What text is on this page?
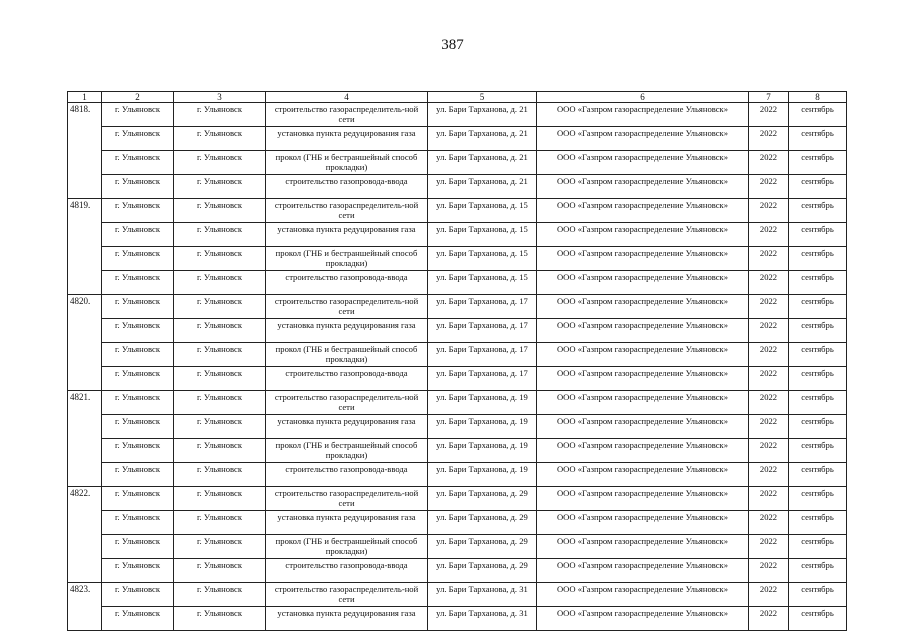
387
1	2	3	4	5	6	7	8
4818.	г. Ульяновск	г. Ульяновск	строительство газораспределитель-ной сети	ул. Бари Тарханова, д. 21	ООО «Газпром газораспределение Ульяновск»	2022	сентябрь
	г. Ульяновск	г. Ульяновск	установка пункта редуцирования газа	ул. Бари Тарханова, д. 21	ООО «Газпром газораспределение Ульяновск»	2022	сентябрь
	г. Ульяновск	г. Ульяновск	прокол (ГНБ и бестраншейный способ прокладки)	ул. Бари Тарханова, д. 21	ООО «Газпром газораспределение Ульяновск»	2022	сентябрь
	г. Ульяновск	г. Ульяновск	строительство газопровода-ввода	ул. Бари Тарханова, д. 21	ООО «Газпром газораспределение Ульяновск»	2022	сентябрь
4819.	г. Ульяновск	г. Ульяновск	строительство газораспределитель-ной сети	ул. Бари Тарханова, д. 15	ООО «Газпром газораспределение Ульяновск»	2022	сентябрь
	г. Ульяновск	г. Ульяновск	установка пункта редуцирования газа	ул. Бари Тарханова, д. 15	ООО «Газпром газораспределение Ульяновск»	2022	сентябрь
	г. Ульяновск	г. Ульяновск	прокол (ГНБ и бестраншейный способ прокладки)	ул. Бари Тарханова, д. 15	ООО «Газпром газораспределение Ульяновск»	2022	сентябрь
	г. Ульяновск	г. Ульяновск	строительство газопровода-ввода	ул. Бари Тарханова, д. 15	ООО «Газпром газораспределение Ульяновск»	2022	сентябрь
4820.	г. Ульяновск	г. Ульяновск	строительство газораспределитель-ной сети	ул. Бари Тарханова, д. 17	ООО «Газпром газораспределение Ульяновск»	2022	сентябрь
	г. Ульяновск	г. Ульяновск	установка пункта редуцирования газа	ул. Бари Тарханова, д. 17	ООО «Газпром газораспределение Ульяновск»	2022	сентябрь
	г. Ульяновск	г. Ульяновск	прокол (ГНБ и бестраншейный способ прокладки)	ул. Бари Тарханова, д. 17	ООО «Газпром газораспределение Ульяновск»	2022	сентябрь
	г. Ульяновск	г. Ульяновск	строительство газопровода-ввода	ул. Бари Тарханова, д. 17	ООО «Газпром газораспределение Ульяновск»	2022	сентябрь
4821.	г. Ульяновск	г. Ульяновск	строительство газораспределитель-ной сети	ул. Бари Тарханова, д. 19	ООО «Газпром газораспределение Ульяновск»	2022	сентябрь
	г. Ульяновск	г. Ульяновск	установка пункта редуцирования газа	ул. Бари Тарханова, д. 19	ООО «Газпром газораспределение Ульяновск»	2022	сентябрь
	г. Ульяновск	г. Ульяновск	прокол (ГНБ и бестраншейный способ прокладки)	ул. Бари Тарханова, д. 19	ООО «Газпром газораспределение Ульяновск»	2022	сентябрь
	г. Ульяновск	г. Ульяновск	строительство газопровода-ввода	ул. Бари Тарханова, д. 19	ООО «Газпром газораспределение Ульяновск»	2022	сентябрь
4822.	г. Ульяновск	г. Ульяновск	строительство газораспределитель-ной сети	ул. Бари Тарханова, д. 29	ООО «Газпром газораспределение Ульяновск»	2022	сентябрь
	г. Ульяновск	г. Ульяновск	установка пункта редуцирования газа	ул. Бари Тарханова, д. 29	ООО «Газпром газораспределение Ульяновск»	2022	сентябрь
	г. Ульяновск	г. Ульяновск	прокол (ГНБ и бестраншейный способ прокладки)	ул. Бари Тарханова, д. 29	ООО «Газпром газораспределение Ульяновск»	2022	сентябрь
	г. Ульяновск	г. Ульяновск	строительство газопровода-ввода	ул. Бари Тарханова, д. 29	ООО «Газпром газораспределение Ульяновск»	2022	сентябрь
4823.	г. Ульяновск	г. Ульяновск	строительство газораспределитель-ной сети	ул. Бари Тарханова, д. 31	ООО «Газпром газораспределение Ульяновск»	2022	сентябрь
	г. Ульяновск	г. Ульяновск	установка пункта редуцирования газа	ул. Бари Тарханова, д. 31	ООО «Газпром газораспределение Ульяновск»	2022	сентябрь
